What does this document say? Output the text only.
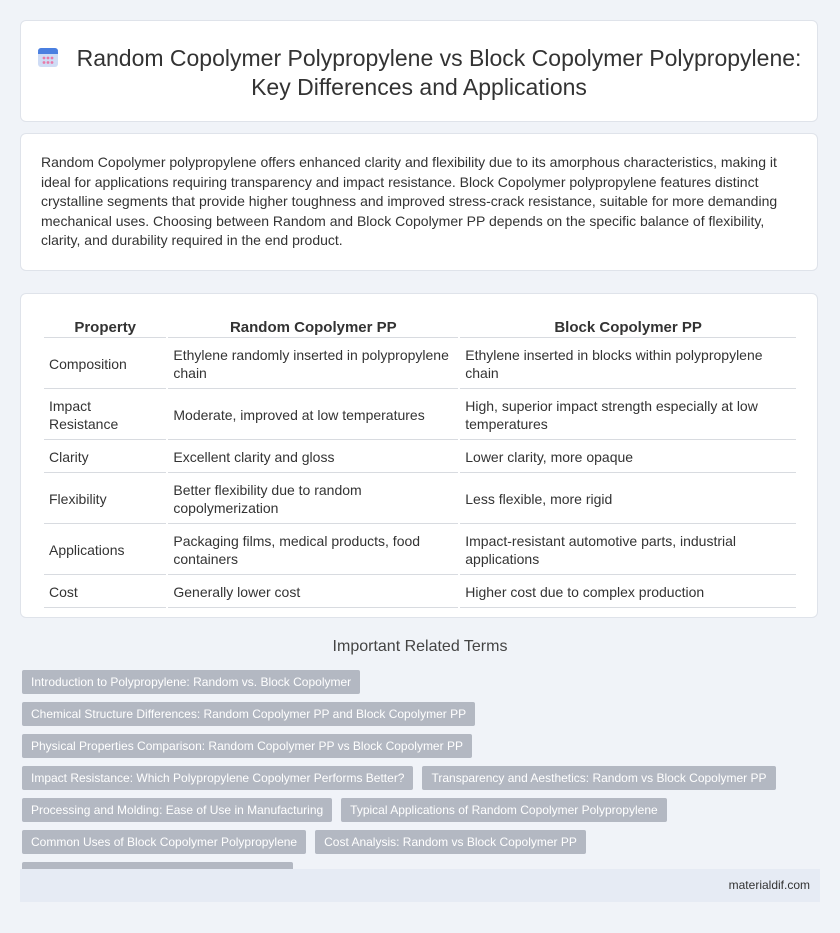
Random Copolymer Polypropylene vs Block Copolymer Polypropylene: Key Differences and Applications

Random Copolymer polypropylene offers enhanced clarity and flexibility due to its amorphous characteristics, making it ideal for applications requiring transparency and impact resistance. Block Copolymer polypropylene features distinct crystalline segments that provide higher toughness and improved stress-crack resistance, suitable for more demanding mechanical uses. Choosing between Random and Block Copolymer PP depends on the specific balance of flexibility, clarity, and durability required in the end product.

Property	Random Copolymer PP	Block Copolymer PP
Composition	Ethylene randomly inserted in polypropylene chain	Ethylene inserted in blocks within polypropylene chain
Impact Resistance	Moderate, improved at low temperatures	High, superior impact strength especially at low temperatures
Clarity	Excellent clarity and gloss	Lower clarity, more opaque
Flexibility	Better flexibility due to random copolymerization	Less flexible, more rigid
Applications	Packaging films, medical products, food containers	Impact-resistant automotive parts, industrial applications
Cost	Generally lower cost	Higher cost due to complex production
Important Related Terms
Introduction to Polypropylene: Random vs. Block Copolymer
Chemical Structure Differences: Random Copolymer PP and Block Copolymer PP
Physical Properties Comparison: Random Copolymer PP vs Block Copolymer PP
Impact Resistance: Which Polypropylene Copolymer Performs Better?	Transparency and Aesthetics: Random vs Block Copolymer PP
Processing and Molding: Ease of Use in Manufacturing	Typical Applications of Random Copolymer Polypropylene
Common Uses of Block Copolymer Polypropylene	Cost Analysis: Random vs Block Copolymer PP
materialdif.com
